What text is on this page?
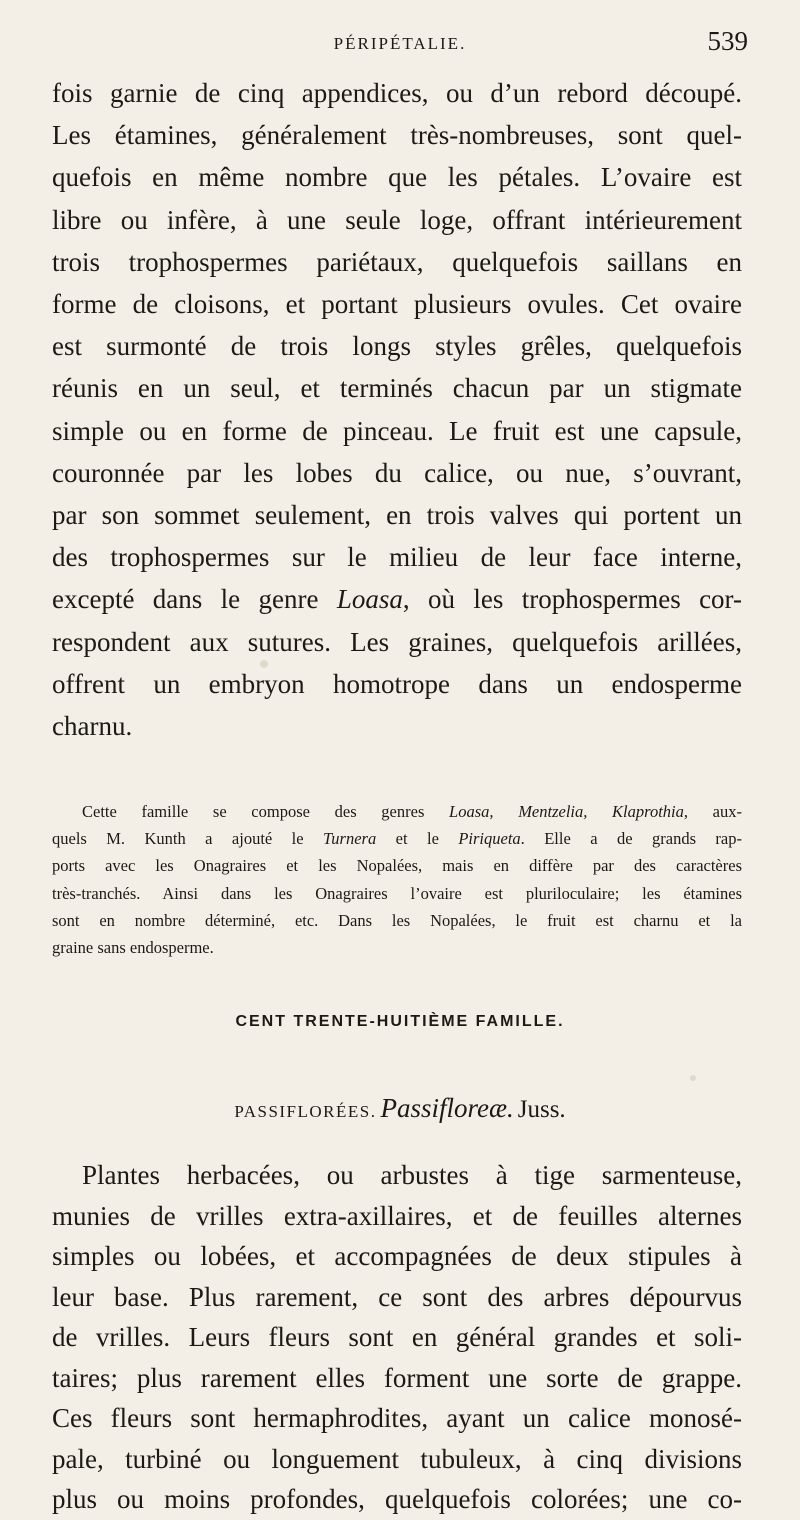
PÉRIPÉTALIE.	539
fois garnie de cinq appendices, ou d’un rebord découpé.
Les étamines, généralement très-nombreuses, sont quel-
quefois en même nombre que les pétales. L’ovaire est
libre ou infère, à une seule loge, offrant intérieurement
trois trophospermes pariétaux, quelquefois saillans en
forme de cloisons, et portant plusieurs ovules. Cet ovaire
est surmonté de trois longs styles grêles, quelquefois
réunis en un seul, et terminés chacun par un stigmate
simple ou en forme de pinceau. Le fruit est une capsule,
couronnée par les lobes du calice, ou nue, s’ouvrant,
par son sommet seulement, en trois valves qui portent un
des trophospermes sur le milieu de leur face interne,
excepté dans le genre Loasa, où les trophospermes cor-
respondent aux sutures. Les graines, quelquefois arillées,
offrent un embryon homotrope dans un endosperme
charnu.
Cette famille se compose des genres Loasa, Mentzelia, Klaprothia, aux-
quels M. Kunth a ajouté le Turnera et le Piriqueta. Elle a de grands rap-
ports avec les Onagraires et les Nopalées, mais en diffère par des caractères
très-tranchés. Ainsi dans les Onagraires l’ovaire est pluriloculaire; les étamines
sont en nombre déterminé, etc. Dans les Nopalées, le fruit est charnu et la
graine sans endosperme.
CENT TRENTE-HUITIÈME FAMILLE.
PASSIFLORÉES. Passifloreæ. Juss.
Plantes herbacées, ou arbustes à tige sarmenteuse,
munies de vrilles extra-axillaires, et de feuilles alternes
simples ou lobées, et accompagnées de deux stipules à
leur base. Plus rarement, ce sont des arbres dépourvus
de vrilles. Leurs fleurs sont en général grandes et soli-
taires; plus rarement elles forment une sorte de grappe.
Ces fleurs sont hermaphrodites, ayant un calice monosé-
pale, turbiné ou longuement tubuleux, à cinq divisions
plus ou moins profondes, quelquefois colorées; une co-
